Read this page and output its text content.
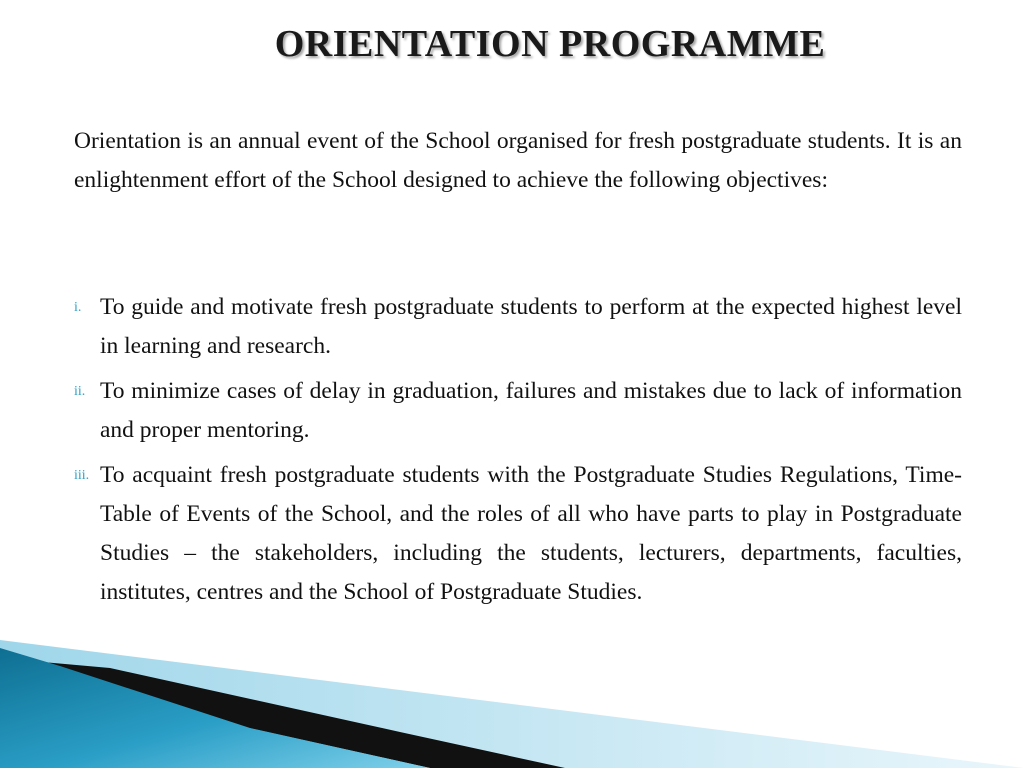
ORIENTATION PROGRAMME

Orientation is an annual event of the School organised for fresh postgraduate students. It is an enlightenment effort of the School designed to achieve the following objectives:

i. To guide and motivate fresh postgraduate students to perform at the expected highest level in learning and research.
ii. To minimize cases of delay in graduation, failures and mistakes due to lack of information and proper mentoring.
iii. To acquaint fresh postgraduate students with the Postgraduate Studies Regulations, Time-Table of Events of the School, and the roles of all who have parts to play in Postgraduate Studies – the stakeholders, including the students, lecturers, departments, faculties, institutes, centres and the School of Postgraduate Studies.
